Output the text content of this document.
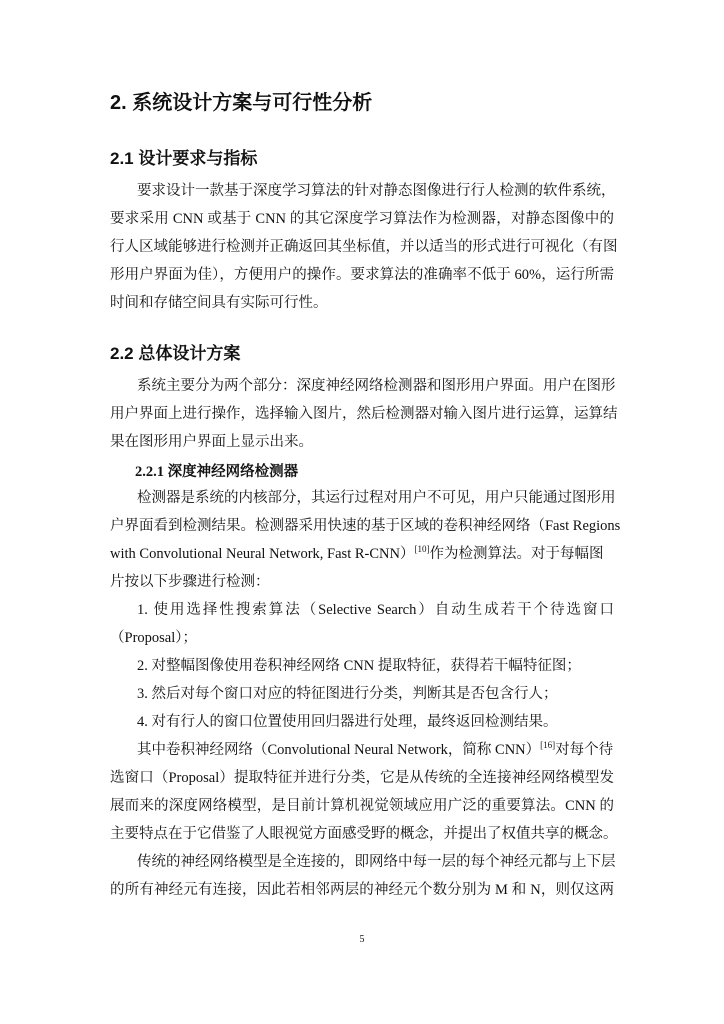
2. 系统设计方案与可行性分析
2.1 设计要求与指标
要求设计一款基于深度学习算法的针对静态图像进行行人检测的软件系统，
要求采用 CNN 或基于 CNN 的其它深度学习算法作为检测器，对静态图像中的
行人区域能够进行检测并正确返回其坐标值，并以适当的形式进行可视化（有图
形用户界面为佳），方便用户的操作。要求算法的准确率不低于 60%，运行所需
时间和存储空间具有实际可行性。
2.2 总体设计方案
系统主要分为两个部分：深度神经网络检测器和图形用户界面。用户在图形
用户界面上进行操作，选择输入图片，然后检测器对输入图片进行运算，运算结
果在图形用户界面上显示出来。
2.2.1 深度神经网络检测器
检测器是系统的内核部分，其运行过程对用户不可见，用户只能通过图形用
户界面看到检测结果。检测器采用快速的基于区域的卷积神经网络（Fast Regions
with Convolutional Neural Network, Fast R-CNN）[10]作为检测算法。对于每幅图
片按以下步骤进行检测：
1. 使用选择性搜索算法（Selective Search）自动生成若干个待选窗口
（Proposal）；
2. 对整幅图像使用卷积神经网络 CNN 提取特征，获得若干幅特征图；
3. 然后对每个窗口对应的特征图进行分类，判断其是否包含行人；
4. 对有行人的窗口位置使用回归器进行处理，最终返回检测结果。
其中卷积神经网络（Convolutional Neural Network，简称 CNN）[16]对每个待
选窗口（Proposal）提取特征并进行分类，它是从传统的全连接神经网络模型发
展而来的深度网络模型，是目前计算机视觉领域应用广泛的重要算法。CNN 的
主要特点在于它借鉴了人眼视觉方面感受野的概念，并提出了权值共享的概念。
传统的神经网络模型是全连接的，即网络中每一层的每个神经元都与上下层
的所有神经元有连接，因此若相邻两层的神经元个数分别为 M 和 N，则仅这两
5
